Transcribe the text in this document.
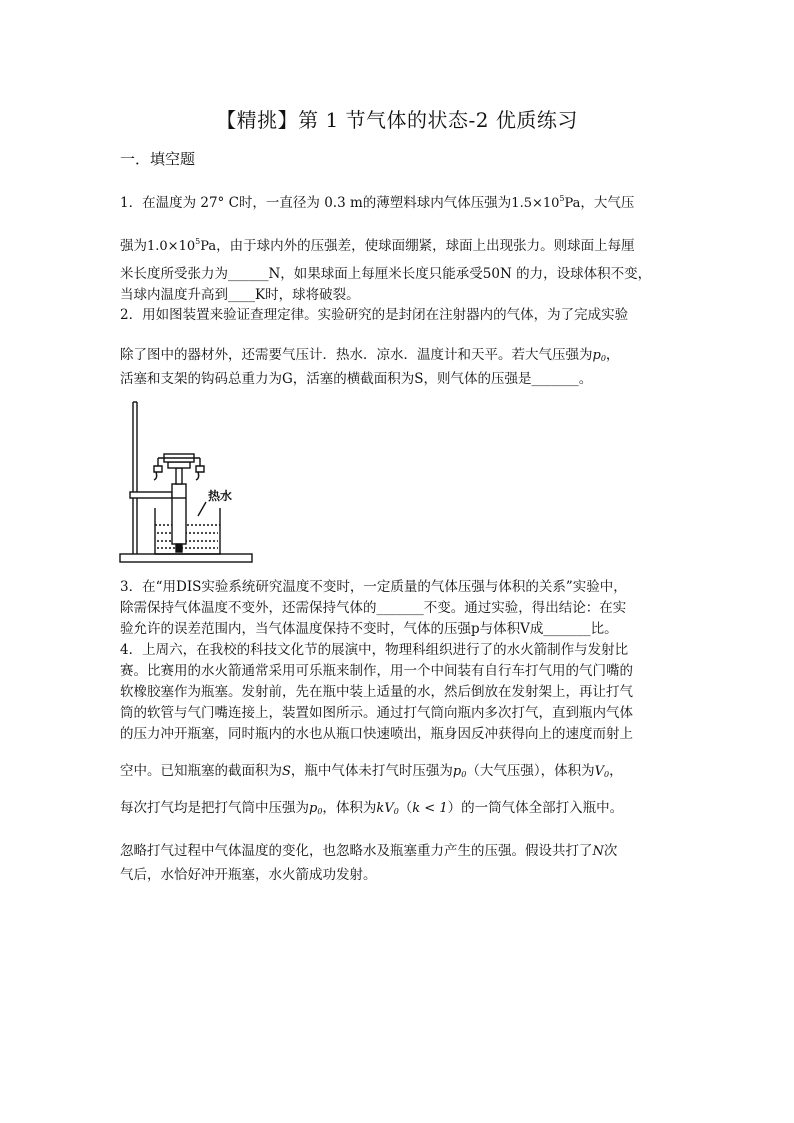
【精挑】第 1 节气体的状态-2 优质练习
一．填空题
1．在温度为 27° C时，一直径为 0.3 m的薄塑料球内气体压强为$1.5\times 10^5Pa$，大气压
强为$1.0\times 10^5Pa$，由于球内外的压强差，使球面绷紧，球面上出现张力。则球面上每厘
米长度所受张力为______N，如果球面上每厘米长度只能承受50N 的力，设球体积不变，
当球内温度升高到____K时，球将破裂。
2．用如图装置来验证查理定律。实验研究的是封闭在注射器内的气体，为了完成实验
除了图中的器材外，还需要气压计．热水．凉水．温度计和天平。若大气压强为$p_0$，
活塞和支架的钩码总重力为G，活塞的横截面积为S，则气体的压强是_______。
热水
3．在“用DIS实验系统研究温度不变时，一定质量的气体压强与体积的关系”实验中，
除需保持气体温度不变外，还需保持气体的_______不变。通过实验，得出结论：在实
验允许的误差范围内，当气体温度保持不变时，气体的压强p与体积V成_______比。
4．上周六，在我校的科技文化节的展演中，物理科组织进行了的水火箭制作与发射比
赛。比赛用的水火箭通常采用可乐瓶来制作，用一个中间装有自行车打气用的气门嘴的
软橡胶塞作为瓶塞。发射前，先在瓶中装上适量的水，然后倒放在发射架上，再让打气
筒的软管与气门嘴连接上，装置如图所示。通过打气筒向瓶内多次打气，直到瓶内气体
的压力冲开瓶塞，同时瓶内的水也从瓶口快速喷出，瓶身因反冲获得向上的速度而射上
空中。已知瓶塞的截面积为S，瓶中气体未打气时压强为$p_0$（大气压强），体积为$V_0$，
每次打气均是把打气筒中压强为$p_0$，体积为$kV_0(k < 1)$的一筒气体全部打入瓶中。
忽略打气过程中气体温度的变化，也忽略水及瓶塞重力产生的压强。假设共打了N次
气后，水恰好冲开瓶塞，水火箭成功发射。
